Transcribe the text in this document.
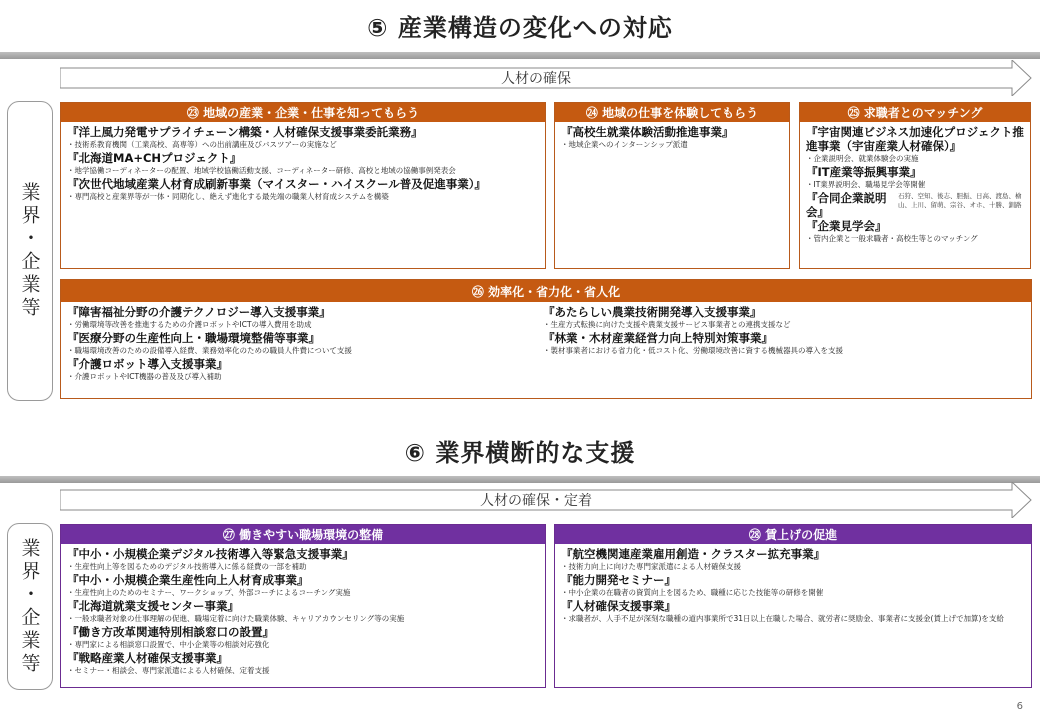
⑤ 産業構造の変化への対応
人材の確保
業界・企業等
㉓ 地域の産業・企業・仕事を知ってもらう
『洋上風力発電サプライチェーン構築・人材確保支援事業委託業務』
・技術系教育機関（工業高校、高専等）への出前講座及びバスツアーの実施など
『北海道MA+CHプロジェクト』
・地学協働コーディネーターの配置、地域学校協働活動支援、コーディネーター研修、高校と地域の協働事例発表会
『次世代地域産業人材育成刷新事業（マイスター・ハイスクール普及促進事業）』
・専門高校と産業界等が一体・同期化し、絶えず進化する最先端の職業人材育成システムを構築
㉔ 地域の仕事を体験してもらう
『高校生就業体験活動推進事業』
・地域企業へのインターンシップ派遣
㉕ 求職者とのマッチング
『宇宙関連ビジネス加速化プロジェクト推進事業（宇宙産業人材確保）』
・企業説明会、就業体験会の実施
『IT産業等振興事業』
・IT業界説明会、職場見学会等開催
『合同企業説明会』
『企業見学会』
石狩、空知、後志、胆振、日高、渡島、檜山、上川、留萌、宗谷、オホ、十勝、釧路
・管内企業と一般求職者・高校生等とのマッチング
㉖ 効率化・省力化・省人化
『障害福祉分野の介護テクノロジー導入支援事業』
・労働環境等改善を推進するための介護ロボットやICTの導入費用を助成
『医療分野の生産性向上・職場環境整備等事業』
・職場環境改善のための設備導入経費、業務効率化のための職員人件費について支援
『介護ロボット導入支援事業』
・介護ロボットやICT機器の普及及び導入補助
『あたらしい農業技術開発導入支援事業』
・生産方式転換に向けた支援や農業支援サービス事業者との連携支援など
『林業・木材産業経営力向上特別対策事業』
・製材事業者における省力化・低コスト化、労働環境改善に資する機械器具の導入を支援
⑥ 業界横断的な支援
人材の確保・定着
業界・企業等
㉗ 働きやすい職場環境の整備
『中小・小規模企業デジタル技術導入等緊急支援事業』
・生産性向上等を図るためのデジタル技術導入に係る経費の一部を補助
『中小・小規模企業生産性向上人材育成事業』
・生産性向上のためのセミナー、ワークショップ、外部コーチによるコーチング実施
『北海道就業支援センター事業』
・一般求職者対象の仕事理解の促進、職場定着に向けた職業体験、キャリアカウンセリング等の実施
『働き方改革関連特別相談窓口の設置』
・専門家による相談窓口設置で、中小企業等の相談対応強化
『戦略産業人材確保支援事業』
・セミナー・相談会、専門家派遣による人材確保、定着支援
㉘ 賃上げの促進
『航空機関連産業雇用創造・クラスター拡充事業』
・技術力向上に向けた専門家派遣による人材確保支援
『能力開発セミナー』
・中小企業の在職者の資質向上を図るため、職種に応じた技能等の研修を開催
『人材確保支援事業』
・求職者が、人手不足が深刻な職種の道内事業所で31日以上在職した場合、就労者に奨励金、事業者に支援金(賃上げで加算)を支給
6
